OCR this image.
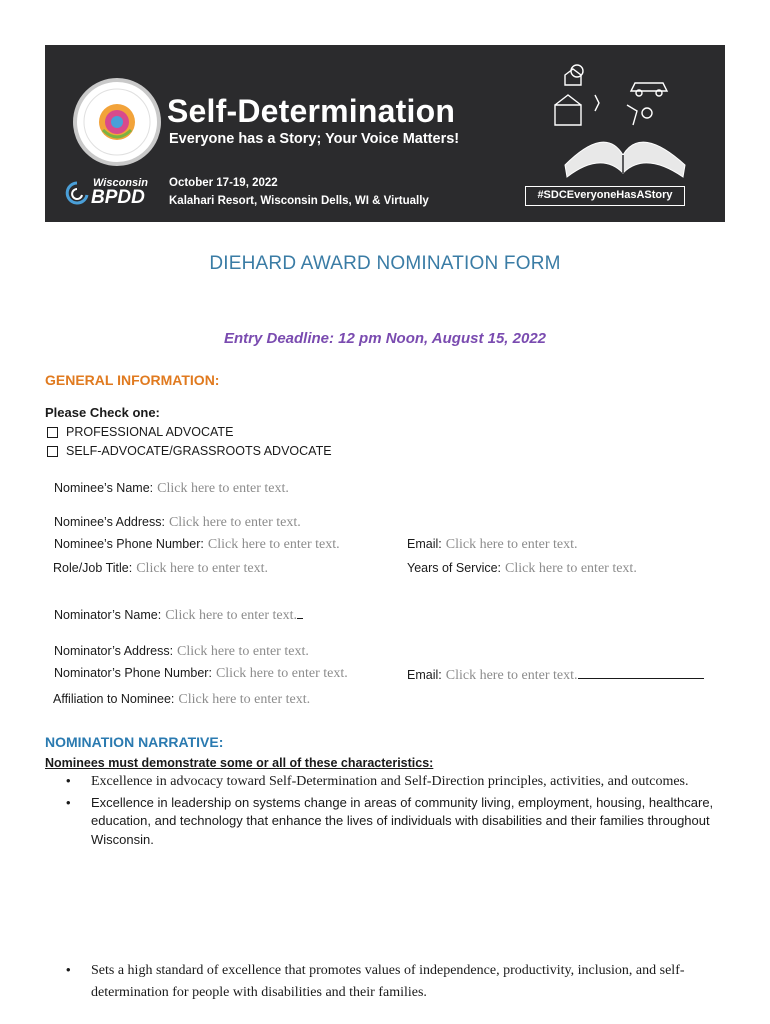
Self-Determination
Everyone has a Story; Your Voice Matters!
October 17-19, 2022
Kalahari Resort, Wisconsin Dells, WI & Virtually
Wisconsin
BPDD	#SDCEveryoneHasAStory
DIEHARD AWARD NOMINATION FORM
Entry Deadline: 12 pm Noon, August 15, 2022
GENERAL INFORMATION:
Please Check one:
PROFESSIONAL ADVOCATE
SELF-ADVOCATE/GRASSROOTS ADVOCATE
Nominee’s Name: Click here to enter text.
Nominee’s Address: Click here to enter text.
Nominee’s Phone Number: Click here to enter text.	Email: Click here to enter text.
Role/Job Title: Click here to enter text.	Years of Service: Click here to enter text.
Nominator’s Name: Click here to enter text.
Nominator’s Address: Click here to enter text.
Nominator’s Phone Number: Click here to enter text.	Email: Click here to enter text.
Affiliation to Nominee: Click here to enter text.
NOMINATION NARRATIVE:
Nominees must demonstrate some or all of these characteristics:
• Excellence in advocacy toward Self-Determination and Self-Direction principles, activities, and outcomes.
• Excellence in leadership on systems change in areas of community living, employment, housing, healthcare, education, and technology that enhance the lives of individuals with disabilities and their families throughout Wisconsin.
• Sets a high standard of excellence that promotes values of independence, productivity, inclusion, and self-determination for people with disabilities and their families.
